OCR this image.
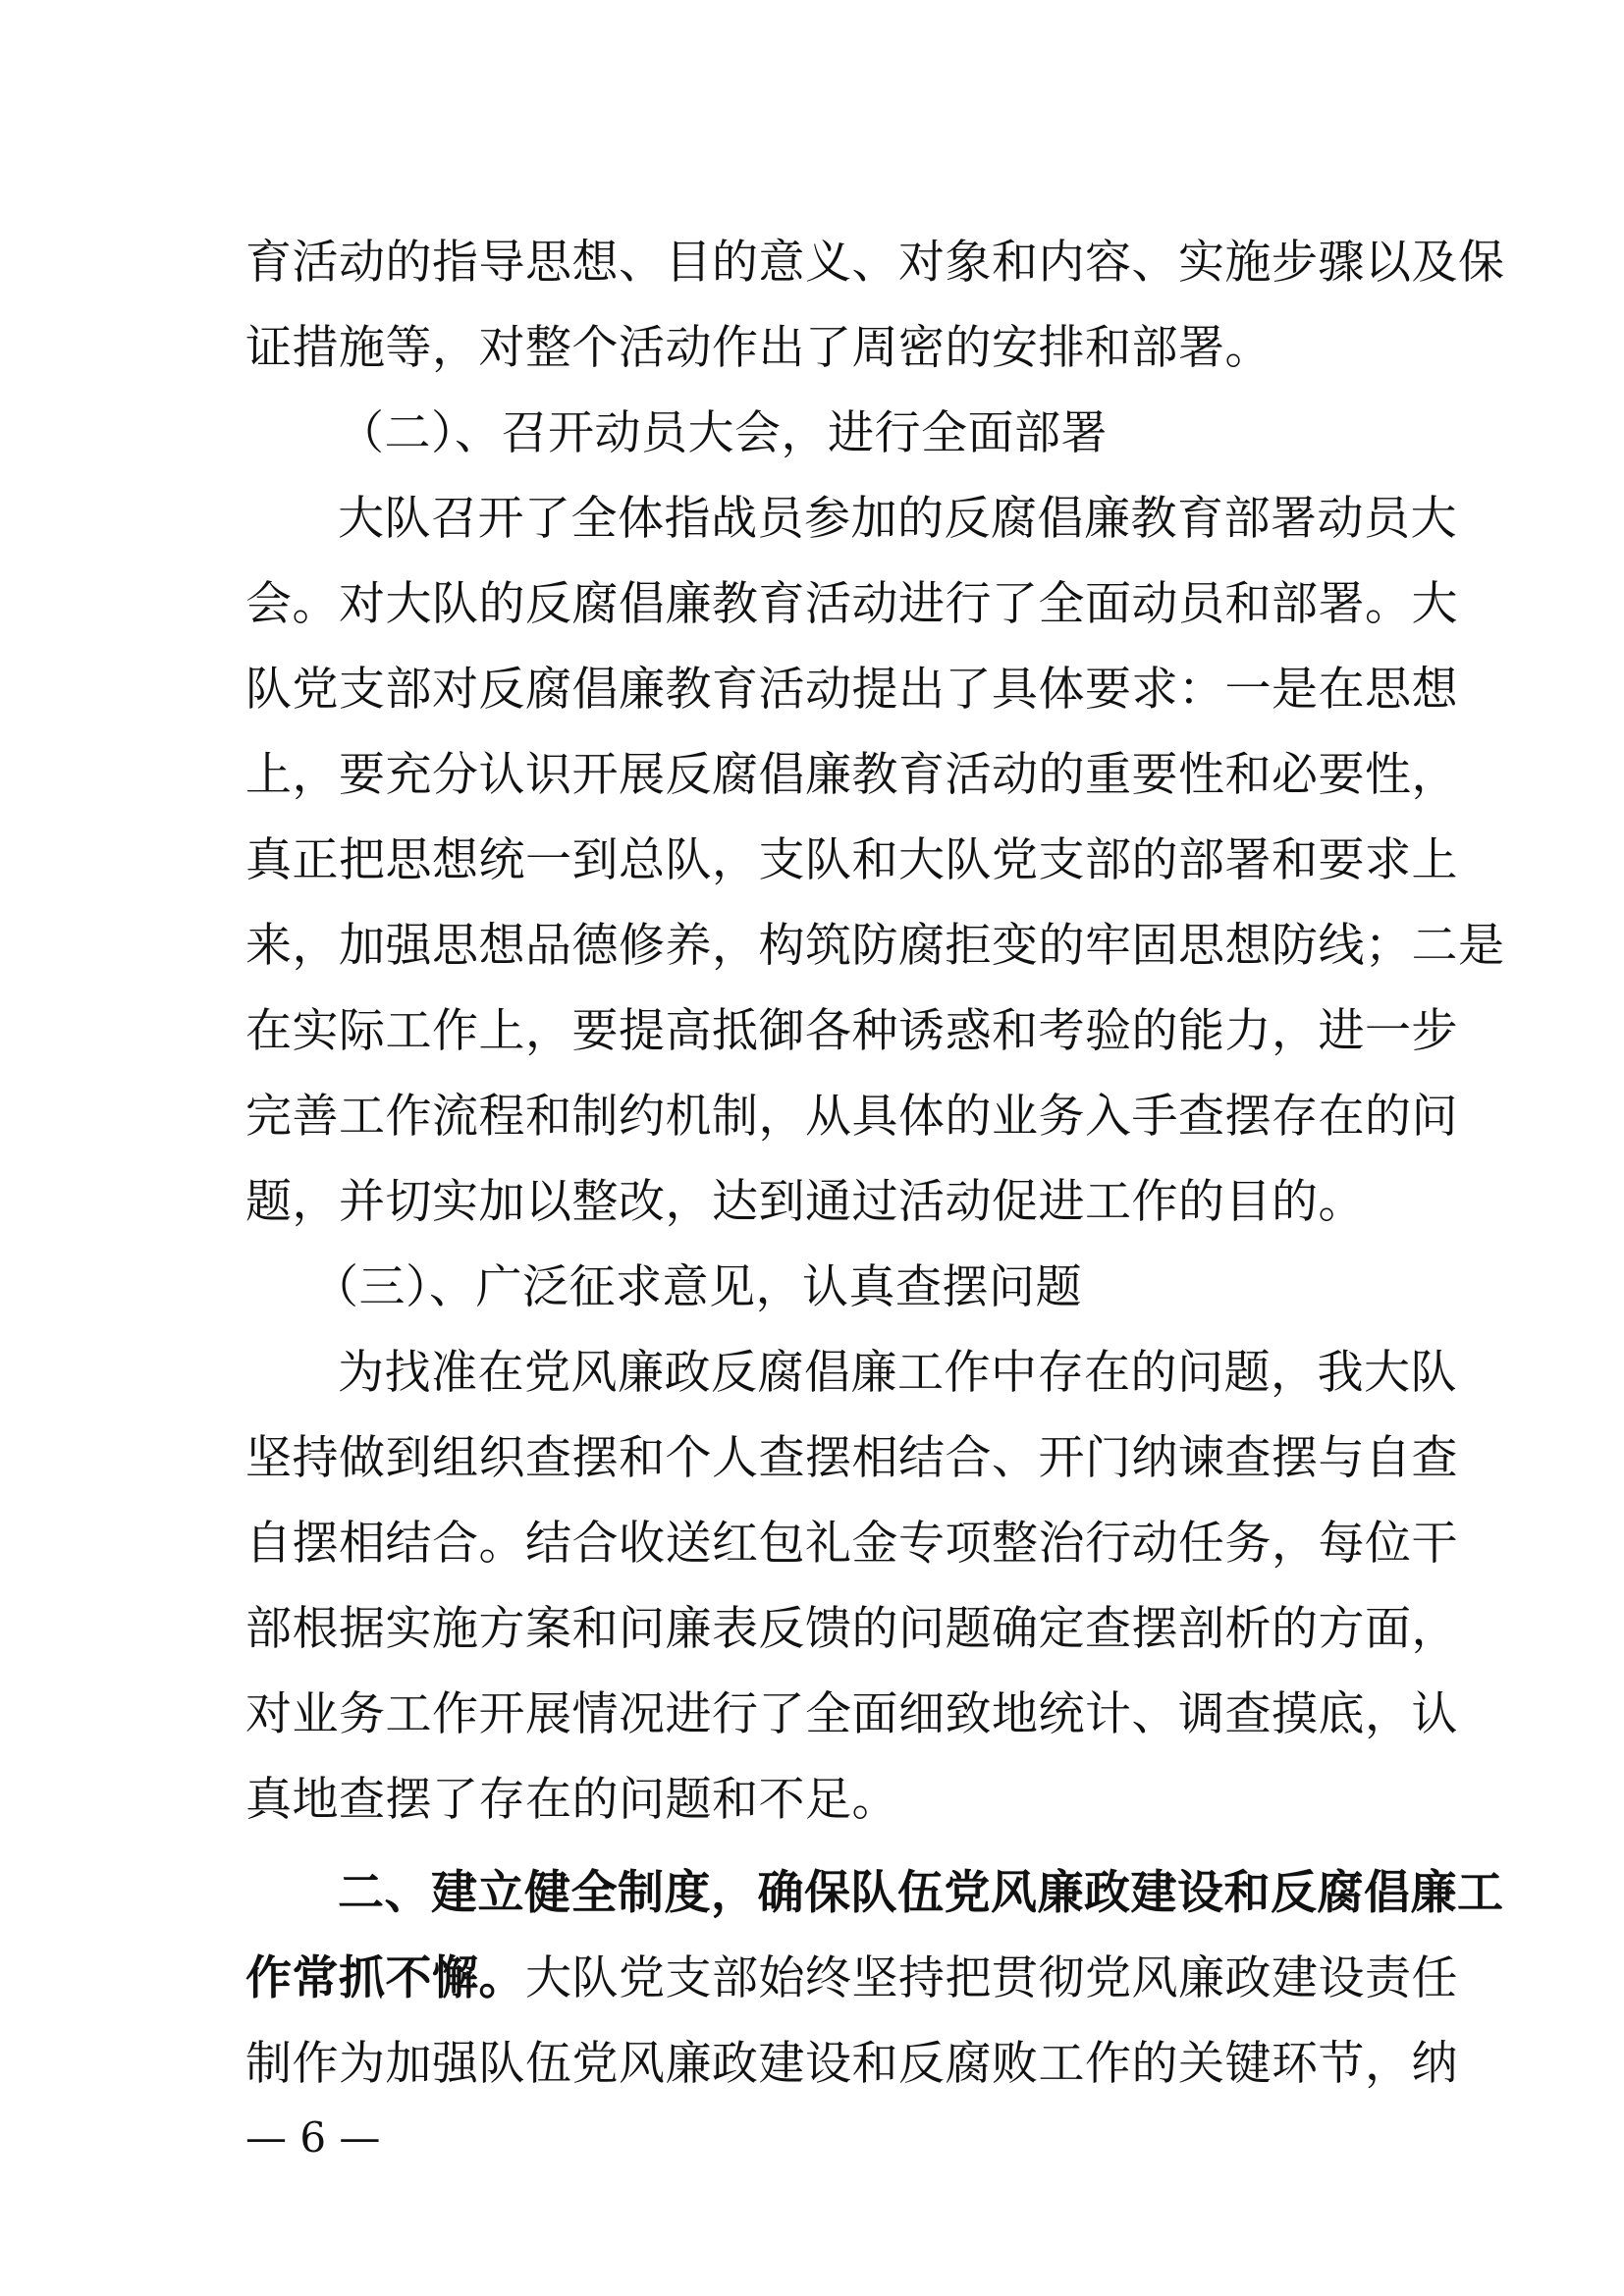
育活动的指导思想、目的意义、对象和内容、实施步骤以及保
证措施等，对整个活动作出了周密的安排和部署。
（二）、召开动员大会，进行全面部署
大队召开了全体指战员参加的反腐倡廉教育部署动员大
会。对大队的反腐倡廉教育活动进行了全面动员和部署。大
队党支部对反腐倡廉教育活动提出了具体要求：一是在思想
上，要充分认识开展反腐倡廉教育活动的重要性和必要性，
真正把思想统一到总队，支队和大队党支部的部署和要求上
来，加强思想品德修养，构筑防腐拒变的牢固思想防线；二是
在实际工作上，要提高抵御各种诱惑和考验的能力，进一步
完善工作流程和制约机制，从具体的业务入手查摆存在的问
题，并切实加以整改，达到通过活动促进工作的目的。
（三）、广泛征求意见，认真查摆问题
为找准在党风廉政反腐倡廉工作中存在的问题，我大队
坚持做到组织查摆和个人查摆相结合、开门纳谏查摆与自查
自摆相结合。结合收送红包礼金专项整治行动任务，每位干
部根据实施方案和问廉表反馈的问题确定查摆剖析的方面，
对业务工作开展情况进行了全面细致地统计、调查摸底，认
真地查摆了存在的问题和不足。
二、建立健全制度，确保队伍党风廉政建设和反腐倡廉工
作常抓不懈。大队党支部始终坚持把贯彻党风廉政建设责任
制作为加强队伍党风廉政建设和反腐败工作的关键环节，纳
— 6 —
